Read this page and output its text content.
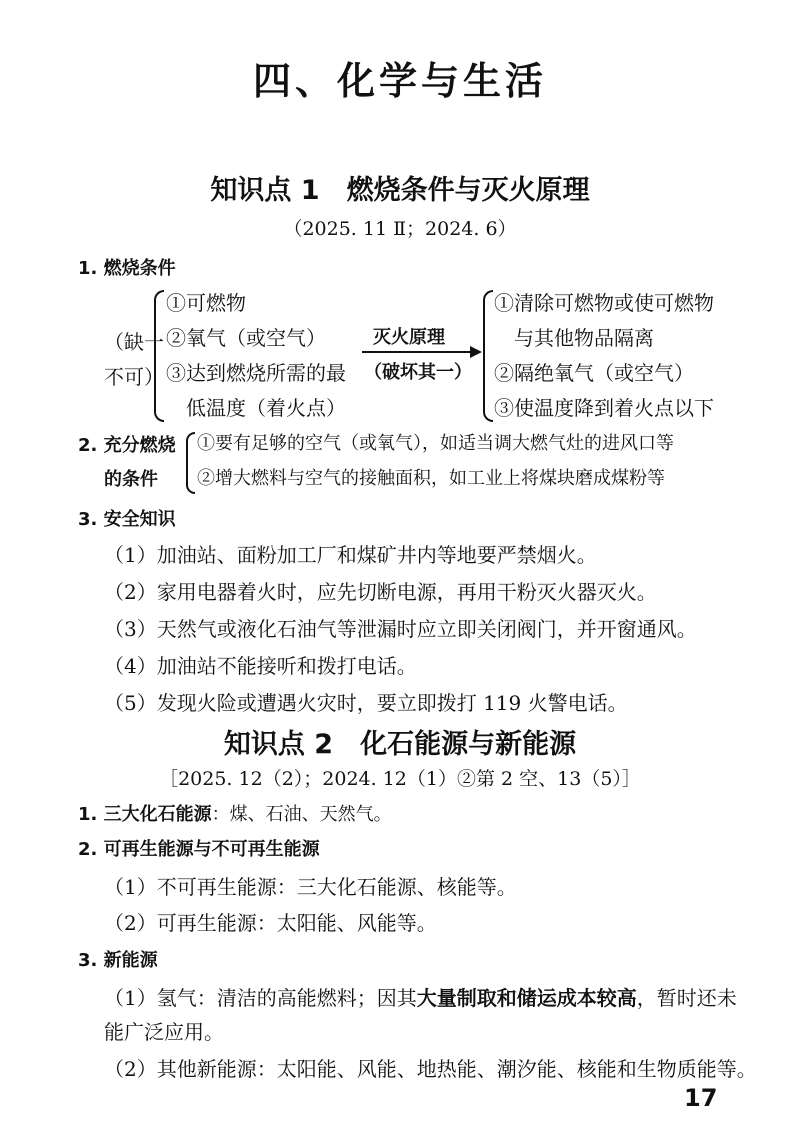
四、化学与生活
知识点 1　燃烧条件与灭火原理
（2025. 11 Ⅱ；2024. 6）
1. 燃烧条件
（缺一
不可）
①可燃物
②氧气（或空气）
③达到燃烧所需的最
低温度（着火点）
灭火原理
（破坏其一）
①清除可燃物或使可燃物
与其他物品隔离
②隔绝氧气（或空气）
③使温度降到着火点以下
2. 充分燃烧
的条件
①要有足够的空气（或氧气），如适当调大燃气灶的进风口等
②增大燃料与空气的接触面积，如工业上将煤块磨成煤粉等
3. 安全知识
（1）加油站、面粉加工厂和煤矿井内等地要严禁烟火。
（2）家用电器着火时，应先切断电源，再用干粉灭火器灭火。
（3）天然气或液化石油气等泄漏时应立即关闭阀门，并开窗通风。
（4）加油站不能接听和拨打电话。
（5）发现火险或遭遇火灾时，要立即拨打 119 火警电话。
知识点 2　化石能源与新能源
［2025. 12（2）；2024. 12（1）②第 2 空、13（5）］
1. 三大化石能源：煤、石油、天然气。
2. 可再生能源与不可再生能源
（1）不可再生能源：三大化石能源、核能等。
（2）可再生能源：太阳能、风能等。
3. 新能源
（1）氢气：清洁的高能燃料；因其大量制取和储运成本较高，暂时还未
能广泛应用。
（2）其他新能源：太阳能、风能、地热能、潮汐能、核能和生物质能等。
17
